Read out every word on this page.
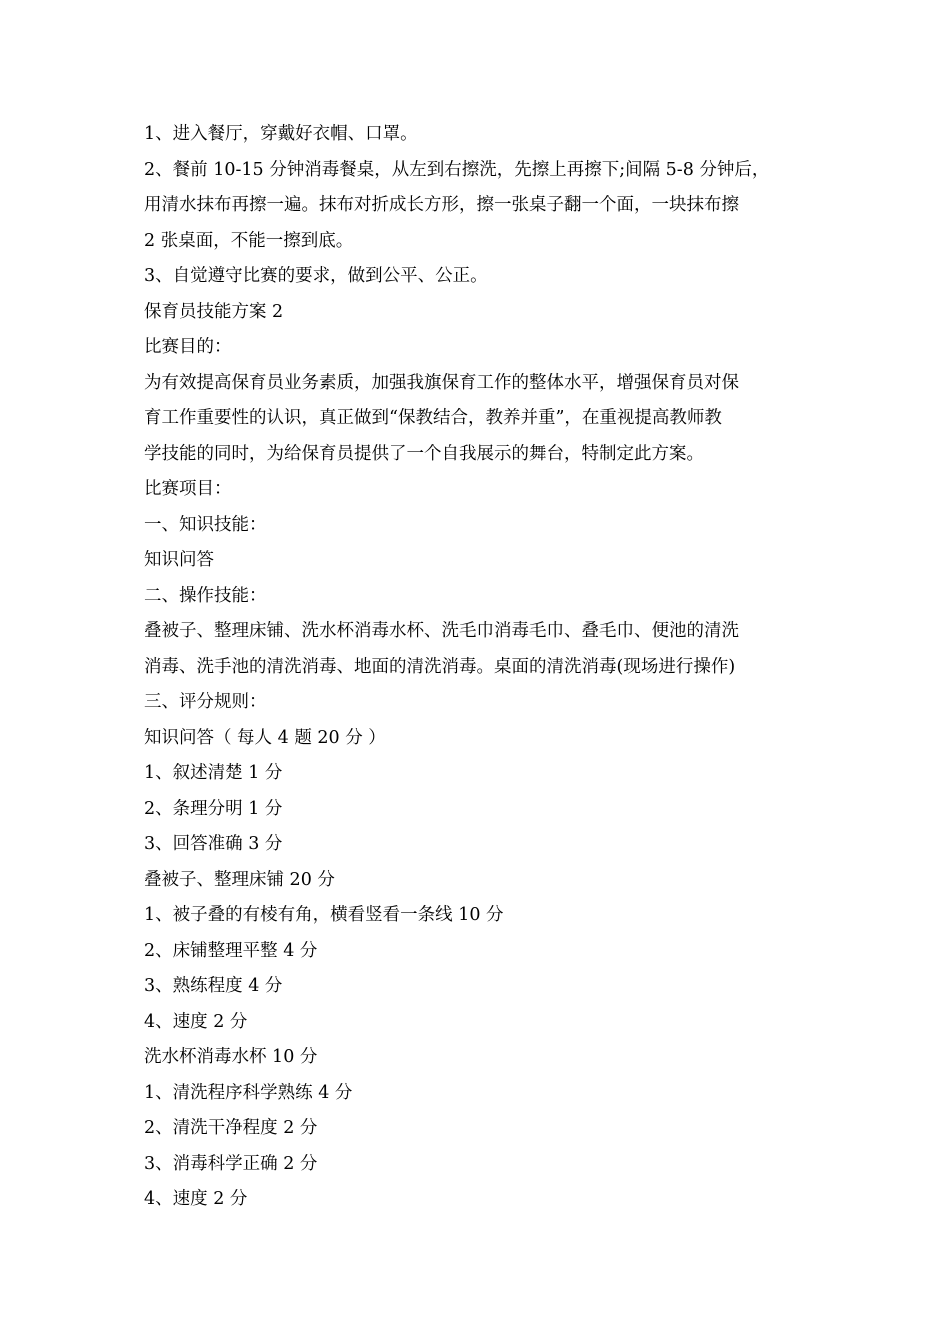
1、进入餐厅，穿戴好衣帽、口罩。
2、餐前 10-15 分钟消毒餐桌，从左到右擦洗，先擦上再擦下;间隔 5-8 分钟后，
用清水抹布再擦一遍。抹布对折成长方形，擦一张桌子翻一个面，一块抹布擦
2 张桌面，不能一擦到底。
3、自觉遵守比赛的要求，做到公平、公正。
保育员技能方案 2
比赛目的：
为有效提高保育员业务素质，加强我旗保育工作的整体水平，增强保育员对保
育工作重要性的认识，真正做到“保教结合，教养并重”，在重视提高教师教
学技能的同时，为给保育员提供了一个自我展示的舞台，特制定此方案。
比赛项目：
一、知识技能：
知识问答
二、操作技能：
叠被子、整理床铺、洗水杯消毒水杯、洗毛巾消毒毛巾、叠毛巾、便池的清洗
消毒、洗手池的清洗消毒、地面的清洗消毒。桌面的清洗消毒(现场进行操作)
三、评分规则：
知识问答（ 每人 4 题 20 分 ）
1、叙述清楚 1 分
2、条理分明 1 分
3、回答准确 3 分
叠被子、整理床铺 20 分
1、被子叠的有棱有角，横看竖看一条线 10 分
2、床铺整理平整 4 分
3、熟练程度 4 分
4、速度 2 分
洗水杯消毒水杯 10 分
1、清洗程序科学熟练 4 分
2、清洗干净程度 2 分
3、消毒科学正确 2 分
4、速度 2 分
